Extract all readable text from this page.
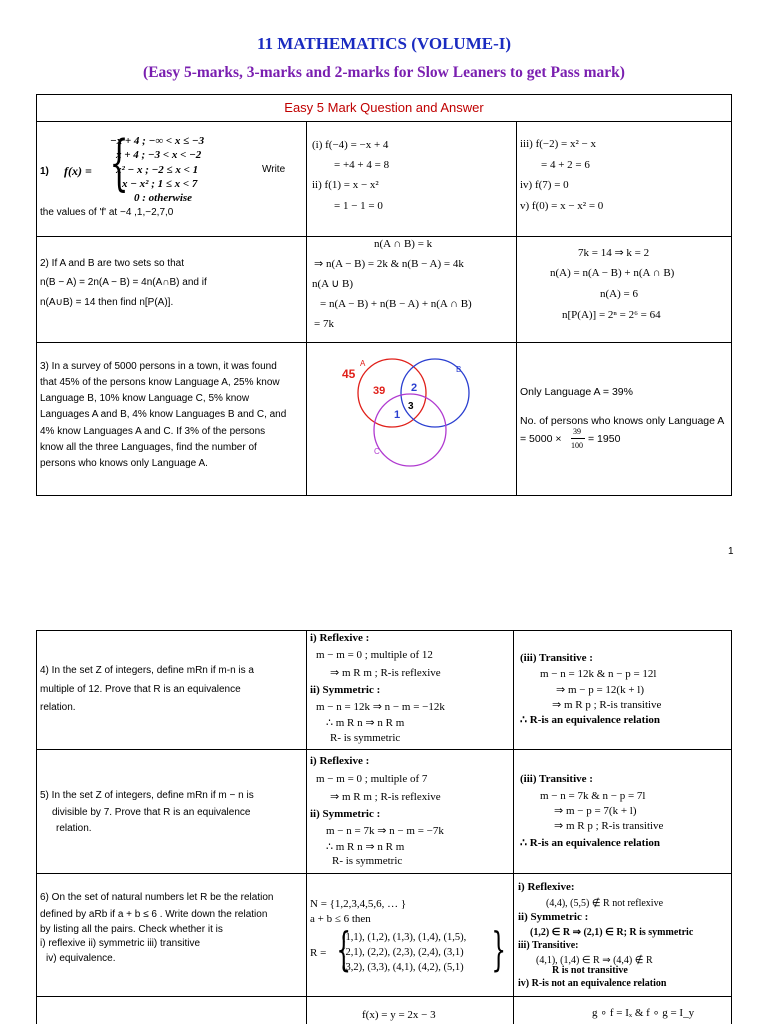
11 MATHEMATICS (VOLUME-I)
(Easy 5-marks, 3-marks and 2-marks for Slow Leaners to get Pass mark)
Easy 5 Mark Question and Answer
1) f(x) = {
−x + 4 ; −∞ < x ≤ −3
x + 4 ; −3 < x < −2
x² − x ; −2 ≤ x < 1
x − x² ; 1 ≤ x < 7
0 : otherwise
Write
the values of 'f' at −4 ,1,−2,7,0
(i) f(−4) = −x + 4
= +4 + 4 = 8
ii) f(1) = x − x²
= 1 − 1 = 0
iii) f(−2) = x² − x
= 4 + 2 = 6
iv) f(7) = 0
v) f(0) = x − x² = 0
2) If A and B are two sets so that
n(B − A) = 2n(A − B) = 4n(A∩B) and if
n(A∪B) = 14 then find n[P(A)].
n(A ∩ B) = k
⇒ n(A − B) = 2k & n(B − A) = 4k
n(A ∪ B)
= n(A − B) + n(B − A) + n(A ∩ B)
= 7k
7k = 14 ⇒ k = 2
n(A) = n(A − B) + n(A ∩ B)
n(A) = 6
n[P(A)] = 2ⁿ = 2⁶ = 64
3) In a survey of 5000 persons in a town, it was found
that 45% of the persons know Language A, 25% know
Language B, 10% know Language C, 5% know
Languages A and B, 4% know Languages B and C, and
4% know Languages A and C. If 3% of the persons
know all the three Languages, find the number of
persons who knows only Language A.
A
B
C
45
39 2
1
3
Only Language A = 39%
No. of persons who knows only Language A
= 5000 ×
39
100
= 1950
1
4) In the set Z of integers, define mRn if m-n is a
multiple of 12. Prove that R is an equivalence
relation.
i) Reflexive :
m − m = 0 ; multiple of 12
⇒ m R m ; R-is reflexive
ii) Symmetric :
m − n = 12k ⇒ n − m = −12k
∴ m R n ⇒ n R m
R- is symmetric
(iii) Transitive :
m − n = 12k & n − p = 12l
⇒ m − p = 12(k + l)
⇒ m R p ; R-is transitive
∴ R-is an equivalence relation
5) In the set Z of integers, define mRn if m − n is
divisible by 7. Prove that R is an equivalence
relation.
i) Reflexive :
m − m = 0 ; multiple of 7
⇒ m R m ; R-is reflexive
ii) Symmetric :
m − n = 7k ⇒ n − m = −7k
∴ m R n ⇒ n R m
R- is symmetric
(iii) Transitive :
m − n = 7k & n − p = 7l
⇒ m − p = 7(k + l)
⇒ m R p ; R-is transitive
∴ R-is an equivalence relation
6) On the set of natural numbers let R be the relation
defined by aRb if a + b ≤ 6 . Write down the relation
by listing all the pairs. Check whether it is
i) reflexive ii) symmetric iii) transitive
iv) equivalence.
N = {1,2,3,4,5,6, … }
a + b ≤ 6 then
R = {
(1,1), (1,2), (1,3), (1,4), (1,5),
(2,1), (2,2), (2,3), (2,4), (3,1)
(3,2), (3,3), (4,1), (4,2), (5,1) }
i) Reflexive:
(4,4), (5,5) ∉ R not reflexive
ii) Symmetric :
(1,2) ∈ R ⇒ (2,1) ∈ R; R is symmetric
iii) Transitive:
(4,1), (1,4) ∈ R ⇒ (4,4) ∉ R
R is not transitive
iv) R-is not an equivalence relation
f(x) = y = 2x − 3	g ∘ f = Iₓ & f ∘ g = I_y
